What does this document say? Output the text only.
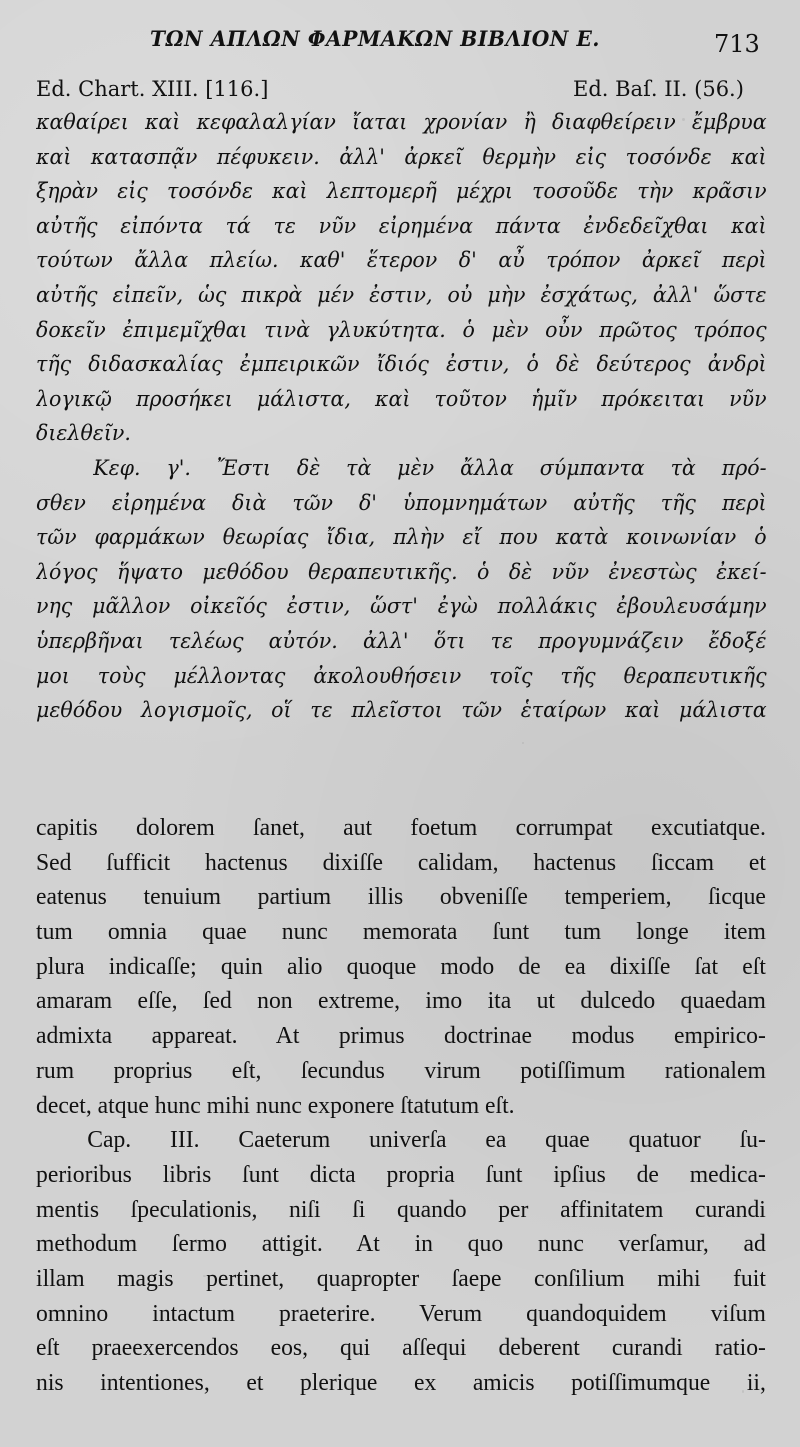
ΤΩΝ ΑΠΛΩΝ ΦΑΡΜΑΚΩΝ ΒΙΒΛΙΟΝ Ε.	713
Ed. Chart. XIII. [116.]	Ed. Baſ. II. (56.)
καθαίρει καὶ κεφαλαλγίαν ἴαται χρονίαν ἢ διαφθείρειν ἔμβρυα
καὶ κατασπᾷν πέφυκειν. ἀλλ' ἀρκεῖ θερμὴν εἰς τοσόνδε καὶ
ξηρὰν εἰς τοσόνδε καὶ λεπτομερῆ μέχρι τοσοῦδε τὴν κρᾶσιν
αὐτῆς εἰπόντα τά τε νῦν εἰρημένα πάντα ἐνδεδεῖχθαι καὶ
τούτων ἄλλα πλείω. καθ' ἕτερον δ' αὖ τρόπον ἀρκεῖ περὶ
αὐτῆς εἰπεῖν, ὡς πικρὰ μέν ἐστιν, οὐ μὴν ἐσχάτως, ἀλλ' ὥστε
δοκεῖν ἐπιμεμῖχθαι τινὰ γλυκύτητα. ὁ μὲν οὖν πρῶτος τρόπος
τῆς διδασκαλίας ἐμπειρικῶν ἴδιός ἐστιν, ὁ δὲ δεύτερος ἀνδρὶ
λογικῷ προσήκει μάλιστα, καὶ τοῦτον ἡμῖν πρόκειται νῦν
διελθεῖν.
Κεφ. γ'. Ἔστι δὲ τὰ μὲν ἄλλα σύμπαντα τὰ πρό-
σθεν εἰρημένα διὰ τῶν δ' ὑπομνημάτων αὐτῆς τῆς περὶ
τῶν φαρμάκων θεωρίας ἴδια, πλὴν εἴ που κατὰ κοινωνίαν ὁ
λόγος ἥψατο μεθόδου θεραπευτικῆς. ὁ δὲ νῦν ἐνεστὼς ἐκεί-
νης μᾶλλον οἰκεῖός ἐστιν, ὥστ' ἐγὼ πολλάκις ἐβουλευσάμην
ὑπερβῆναι τελέως αὐτόν. ἀλλ' ὅτι τε προγυμνάζειν ἔδοξέ
μοι τοὺς μέλλοντας ἀκολουθήσειν τοῖς τῆς θεραπευτικῆς
μεθόδου λογισμοῖς, οἵ τε πλεῖστοι τῶν ἑταίρων καὶ μάλιστα
capitis dolorem ſanet, aut foetum corrumpat excutiatque.
Sed ſufficit hactenus dixiſſe calidam, hactenus ſiccam et
eatenus tenuium partium illis obveniſſe temperiem, ſicque
tum omnia quae nunc memorata ſunt tum longe item
plura indicaſſe; quin alio quoque modo de ea dixiſſe ſat eſt
amaram eſſe, ſed non extreme, imo ita ut dulcedo quaedam
admixta appareat. At primus doctrinae modus empirico-
rum proprius eſt, ſecundus virum potiſſimum rationalem
decet, atque hunc mihi nunc exponere ſtatutum eſt.
Cap. III. Caeterum univerſa ea quae quatuor ſu-
perioribus libris ſunt dicta propria ſunt ipſius de medica-
mentis ſpeculationis, niſi ſi quando per affinitatem curandi
methodum ſermo attigit. At in quo nunc verſamur, ad
illam magis pertinet, quapropter ſaepe conſilium mihi fuit
omnino intactum praeterire. Verum quandoquidem viſum
eſt praeexercendos eos, qui aſſequi deberent curandi ratio-
nis intentiones, et plerique ex amicis potiſſimumque ii,
